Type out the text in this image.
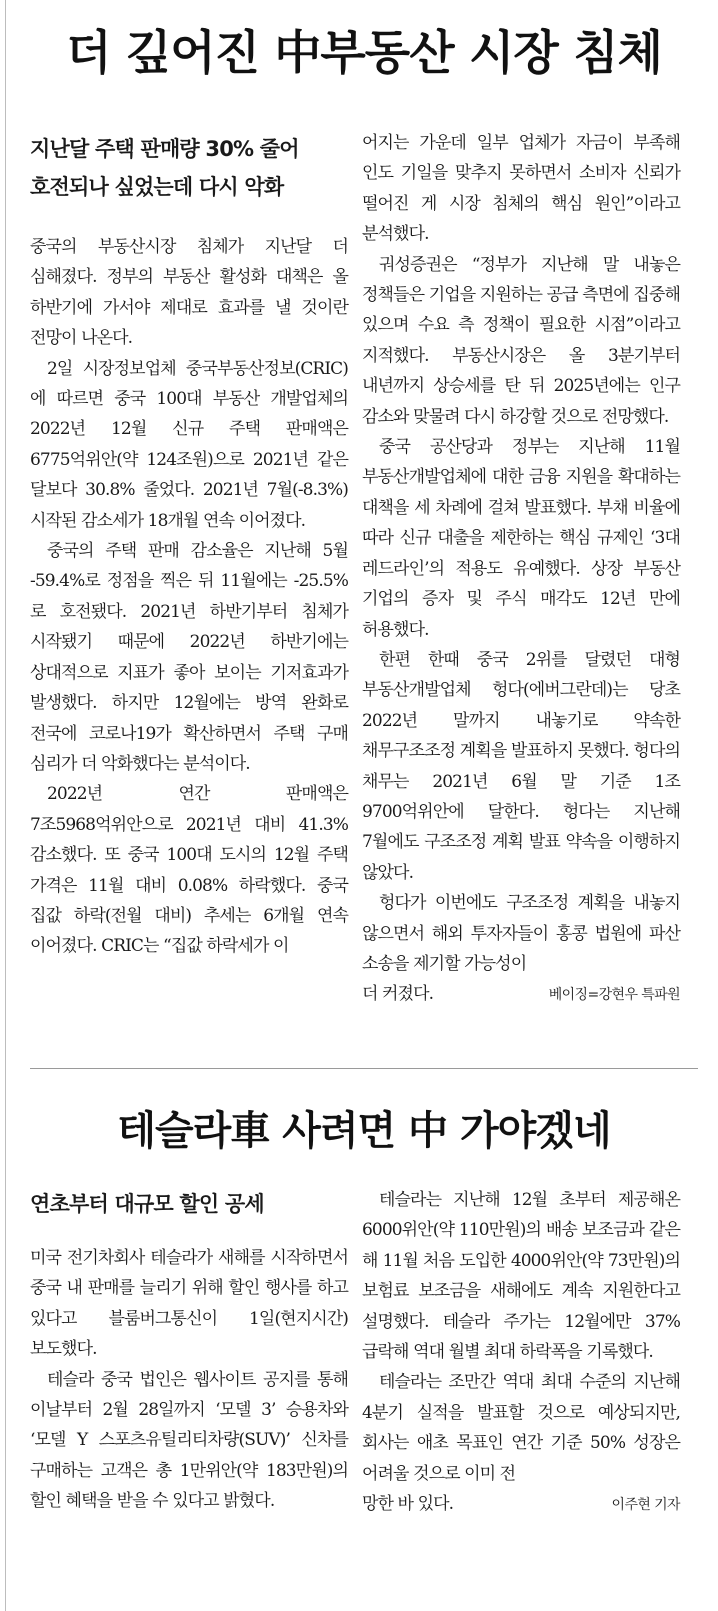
더 깊어진 中부동산 시장 침체

지난달 주택 판매량 30% 줄어

호전되나 싶었는데 다시 악화

중국의 부동산시장 침체가 지난달 더 심해졌다. 정부의 부동산 활성화 대책은 올 하반기에 가서야 제대로 효과를 낼 것이란 전망이 나온다.

2일 시장정보업체 중국부동산정보(CRIC)에 따르면 중국 100대 부동산 개발업체의 2022년 12월 신규 주택 판매액은 6775억위안(약 124조원)으로 2021년 같은 달보다 30.8% 줄었다. 2021년 7월(-8.3%) 시작된 감소세가 18개월 연속 이어졌다.

중국의 주택 판매 감소율은 지난해 5월 -59.4%로 정점을 찍은 뒤 11월에는 -25.5%로 호전됐다. 2021년 하반기부터 침체가 시작됐기 때문에 2022년 하반기에는 상대적으로 지표가 좋아 보이는 기저효과가 발생했다. 하지만 12월에는 방역 완화로 전국에 코로나19가 확산하면서 주택 구매 심리가 더 악화했다는 분석이다.

2022년 연간 판매액은 7조5968억위안으로 2021년 대비 41.3% 감소했다. 또 중국 100대 도시의 12월 주택 가격은 11월 대비 0.08% 하락했다. 중국 집값 하락(전월 대비) 추세는 6개월 연속 이어졌다. CRIC는 “집값 하락세가 이

어지는 가운데 일부 업체가 자금이 부족해 인도 기일을 맞추지 못하면서 소비자 신뢰가 떨어진 게 시장 침체의 핵심 원인”이라고 분석했다.

궈성증권은 “정부가 지난해 말 내놓은 정책들은 기업을 지원하는 공급 측면에 집중해 있으며 수요 측 정책이 필요한 시점”이라고 지적했다. 부동산시장은 올 3분기부터 내년까지 상승세를 탄 뒤 2025년에는 인구 감소와 맞물려 다시 하강할 것으로 전망했다.

중국 공산당과 정부는 지난해 11월 부동산개발업체에 대한 금융 지원을 확대하는 대책을 세 차례에 걸쳐 발표했다. 부채 비율에 따라 신규 대출을 제한하는 핵심 규제인 ‘3대 레드라인’의 적용도 유예했다. 상장 부동산 기업의 증자 및 주식 매각도 12년 만에 허용했다.

한편 한때 중국 2위를 달렸던 대형 부동산개발업체 헝다(에버그란데)는 당초 2022년 말까지 내놓기로 약속한 채무구조조정 계획을 발표하지 못했다. 헝다의 채무는 2021년 6월 말 기준 1조 9700억위안에 달한다. 헝다는 지난해 7월에도 구조조정 계획 발표 약속을 이행하지 않았다.

헝다가 이번에도 구조조정 계획을 내놓지 않으면서 해외 투자자들이 홍콩 법원에 파산 소송을 제기할 가능성이

더 커졌다.	베이징=강현우 특파원
테슬라車 사려면 中 가야겠네

연초부터 대규모 할인 공세

미국 전기차회사 테슬라가 새해를 시작하면서 중국 내 판매를 늘리기 위해 할인 행사를 하고 있다고 블룸버그통신이 1일(현지시간) 보도했다.

테슬라 중국 법인은 웹사이트 공지를 통해 이날부터 2월 28일까지 ‘모델 3’ 승용차와 ‘모델 Y 스포츠유틸리티차량(SUV)’ 신차를 구매하는 고객은 총 1만위안(약 183만원)의 할인 혜택을 받을 수 있다고 밝혔다.

테슬라는 지난해 12월 초부터 제공해온 6000위안(약 110만원)의 배송 보조금과 같은 해 11월 처음 도입한 4000위안(약 73만원)의 보험료 보조금을 새해에도 계속 지원한다고 설명했다. 테슬라 주가는 12월에만 37% 급락해 역대 월별 최대 하락폭을 기록했다.

테슬라는 조만간 역대 최대 수준의 지난해 4분기 실적을 발표할 것으로 예상되지만, 회사는 애초 목표인 연간 기준 50% 성장은 어려울 것으로 이미 전

망한 바 있다.	이주현 기자
